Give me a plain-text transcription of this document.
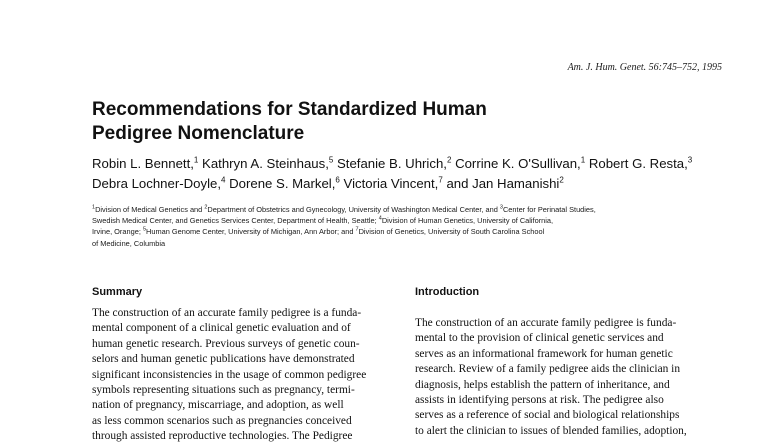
Am. J. Hum. Genet. 56:745–752, 1995
Recommendations for Standardized Human
Pedigree Nomenclature
Robin L. Bennett,$^1$ Kathryn A. Steinhaus,$^5$ Stefanie B. Uhrich,$^2$ Corrine K. O'Sullivan,$^1$ Robert G. Resta,$^3$
Debra Lochner-Doyle,$^4$ Dorene S. Markel,$^6$ Victoria Vincent,$^7$ and Jan Hamanishi$^2$
$^1$Division of Medical Genetics and $^2$Department of Obstetrics and Gynecology, University of Washington Medical Center, and $^3$Center for Perinatal Studies,
Swedish Medical Center, and Genetics Services Center, Department of Health, Seattle; $^4$Division of Human Genetics, University of California,
Irvine, Orange; $^5$Human Genome Center, University of Michigan, Ann Arbor; and $^7$Division of Genetics, University of South Carolina School
of Medicine, Columbia
Summary
The construction of an accurate family pedigree is a funda-
mental component of a clinical genetic evaluation and of
human genetic research. Previous surveys of genetic coun-
selors and human genetic publications have demonstrated
significant inconsistencies in the usage of common pedigree
symbols representing situations such as pregnancy, termi-
nation of pregnancy, miscarriage, and adoption, as well
as less common scenarios such as pregnancies conceived
through assisted reproductive technologies. The Pedigree
Introduction
The construction of an accurate family pedigree is funda-
mental to the provision of clinical genetic services and
serves as an informational framework for human genetic
research. Review of a family pedigree aids the clinician in
diagnosis, helps establish the pattern of inheritance, and
assists in identifying persons at risk. The pedigree also
serves as a reference of social and biological relationships
to alert the clinician to issues of blended families, adoption,
